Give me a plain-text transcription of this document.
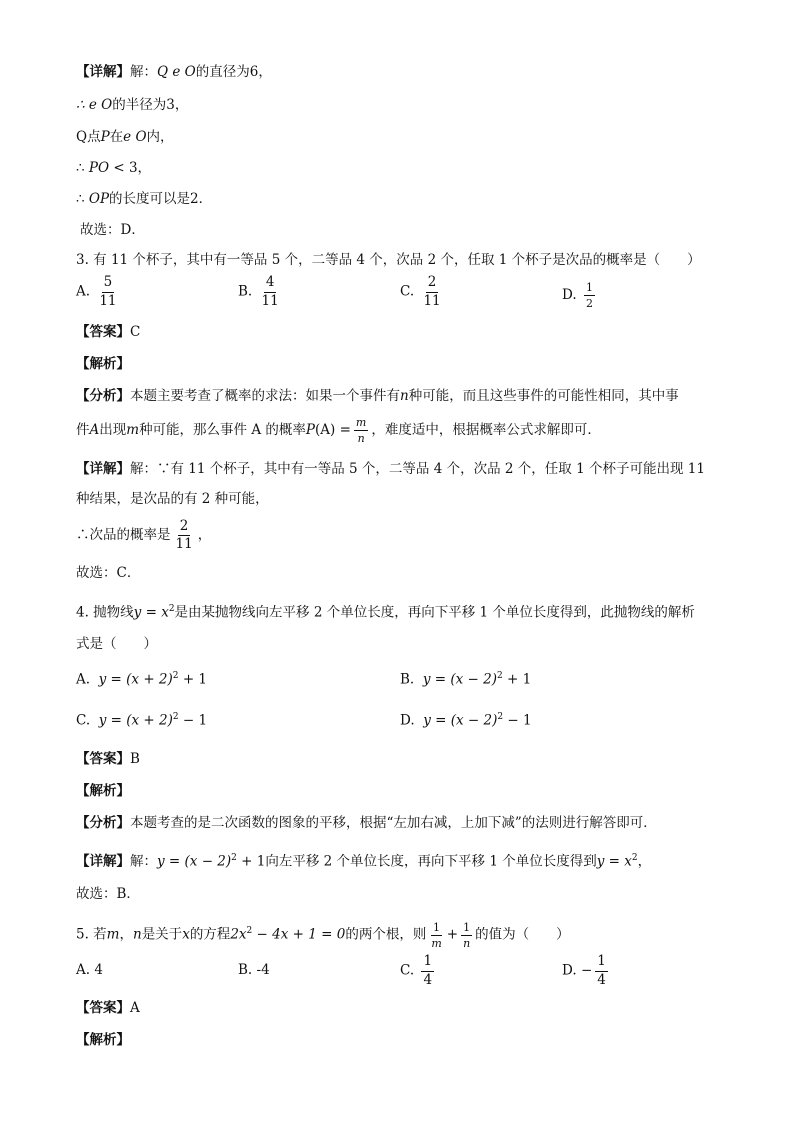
【详解】解：Q e O的直径为6，
∴ e O的半径为3，
Q点P在e O内，
∴ PO < 3，
∴ OP的长度可以是2．
故选：D．
3. 有 11 个杯子，其中有一等品 5 个，二等品 4 个，次品 2 个，任取 1 个杯子是次品的概率是（　　）
A. $\frac{5}{11}$	B. $\frac{4}{11}$	C. $\frac{2}{11}$	D. $\frac{1}{2}$
【答案】C
【解析】
【分析】本题主要考查了概率的求法：如果一个事件有n种可能，而且这些事件的可能性相同，其中事
件A出现m种可能，那么事件 A 的概率$P(A) = \frac{m}{n}$ ，难度适中，根据概率公式求解即可．
【详解】解：∵有 11 个杯子，其中有一等品 5 个，二等品 4 个，次品 2 个，任取 1 个杯子可能出现 11
种结果，是次品的有 2 种可能，
∴次品的概率是 $\frac{2}{11}$ ，
故选：C．
4. 抛物线$y = x^2$是由某抛物线向左平移 2 个单位长度，再向下平移 1 个单位长度得到，此抛物线的解析
式是（　　）
A. $y = (x + 2)^2 + 1$	B. $y = (x - 2)^2 + 1$
C. $y = (x + 2)^2 - 1$	D. $y = (x - 2)^2 - 1$
【答案】B
【解析】
【分析】本题考查的是二次函数的图象的平移，根据“左加右减，上加下减”的法则进行解答即可．
【详解】解：$y = (x - 2)^2 + 1$向左平移 2 个单位长度，再向下平移 1 个单位长度得到$y = x^2$，
故选：B．
5. 若m，n是关于x的方程$2x^2 - 4x + 1 = 0$的两个根，则 $\frac{1}{m} + \frac{1}{n}$ 的值为（　　）
A. 4	B. -4	C. $\frac{1}{4}$	D. − $\frac{1}{4}$
【答案】A
【解析】
